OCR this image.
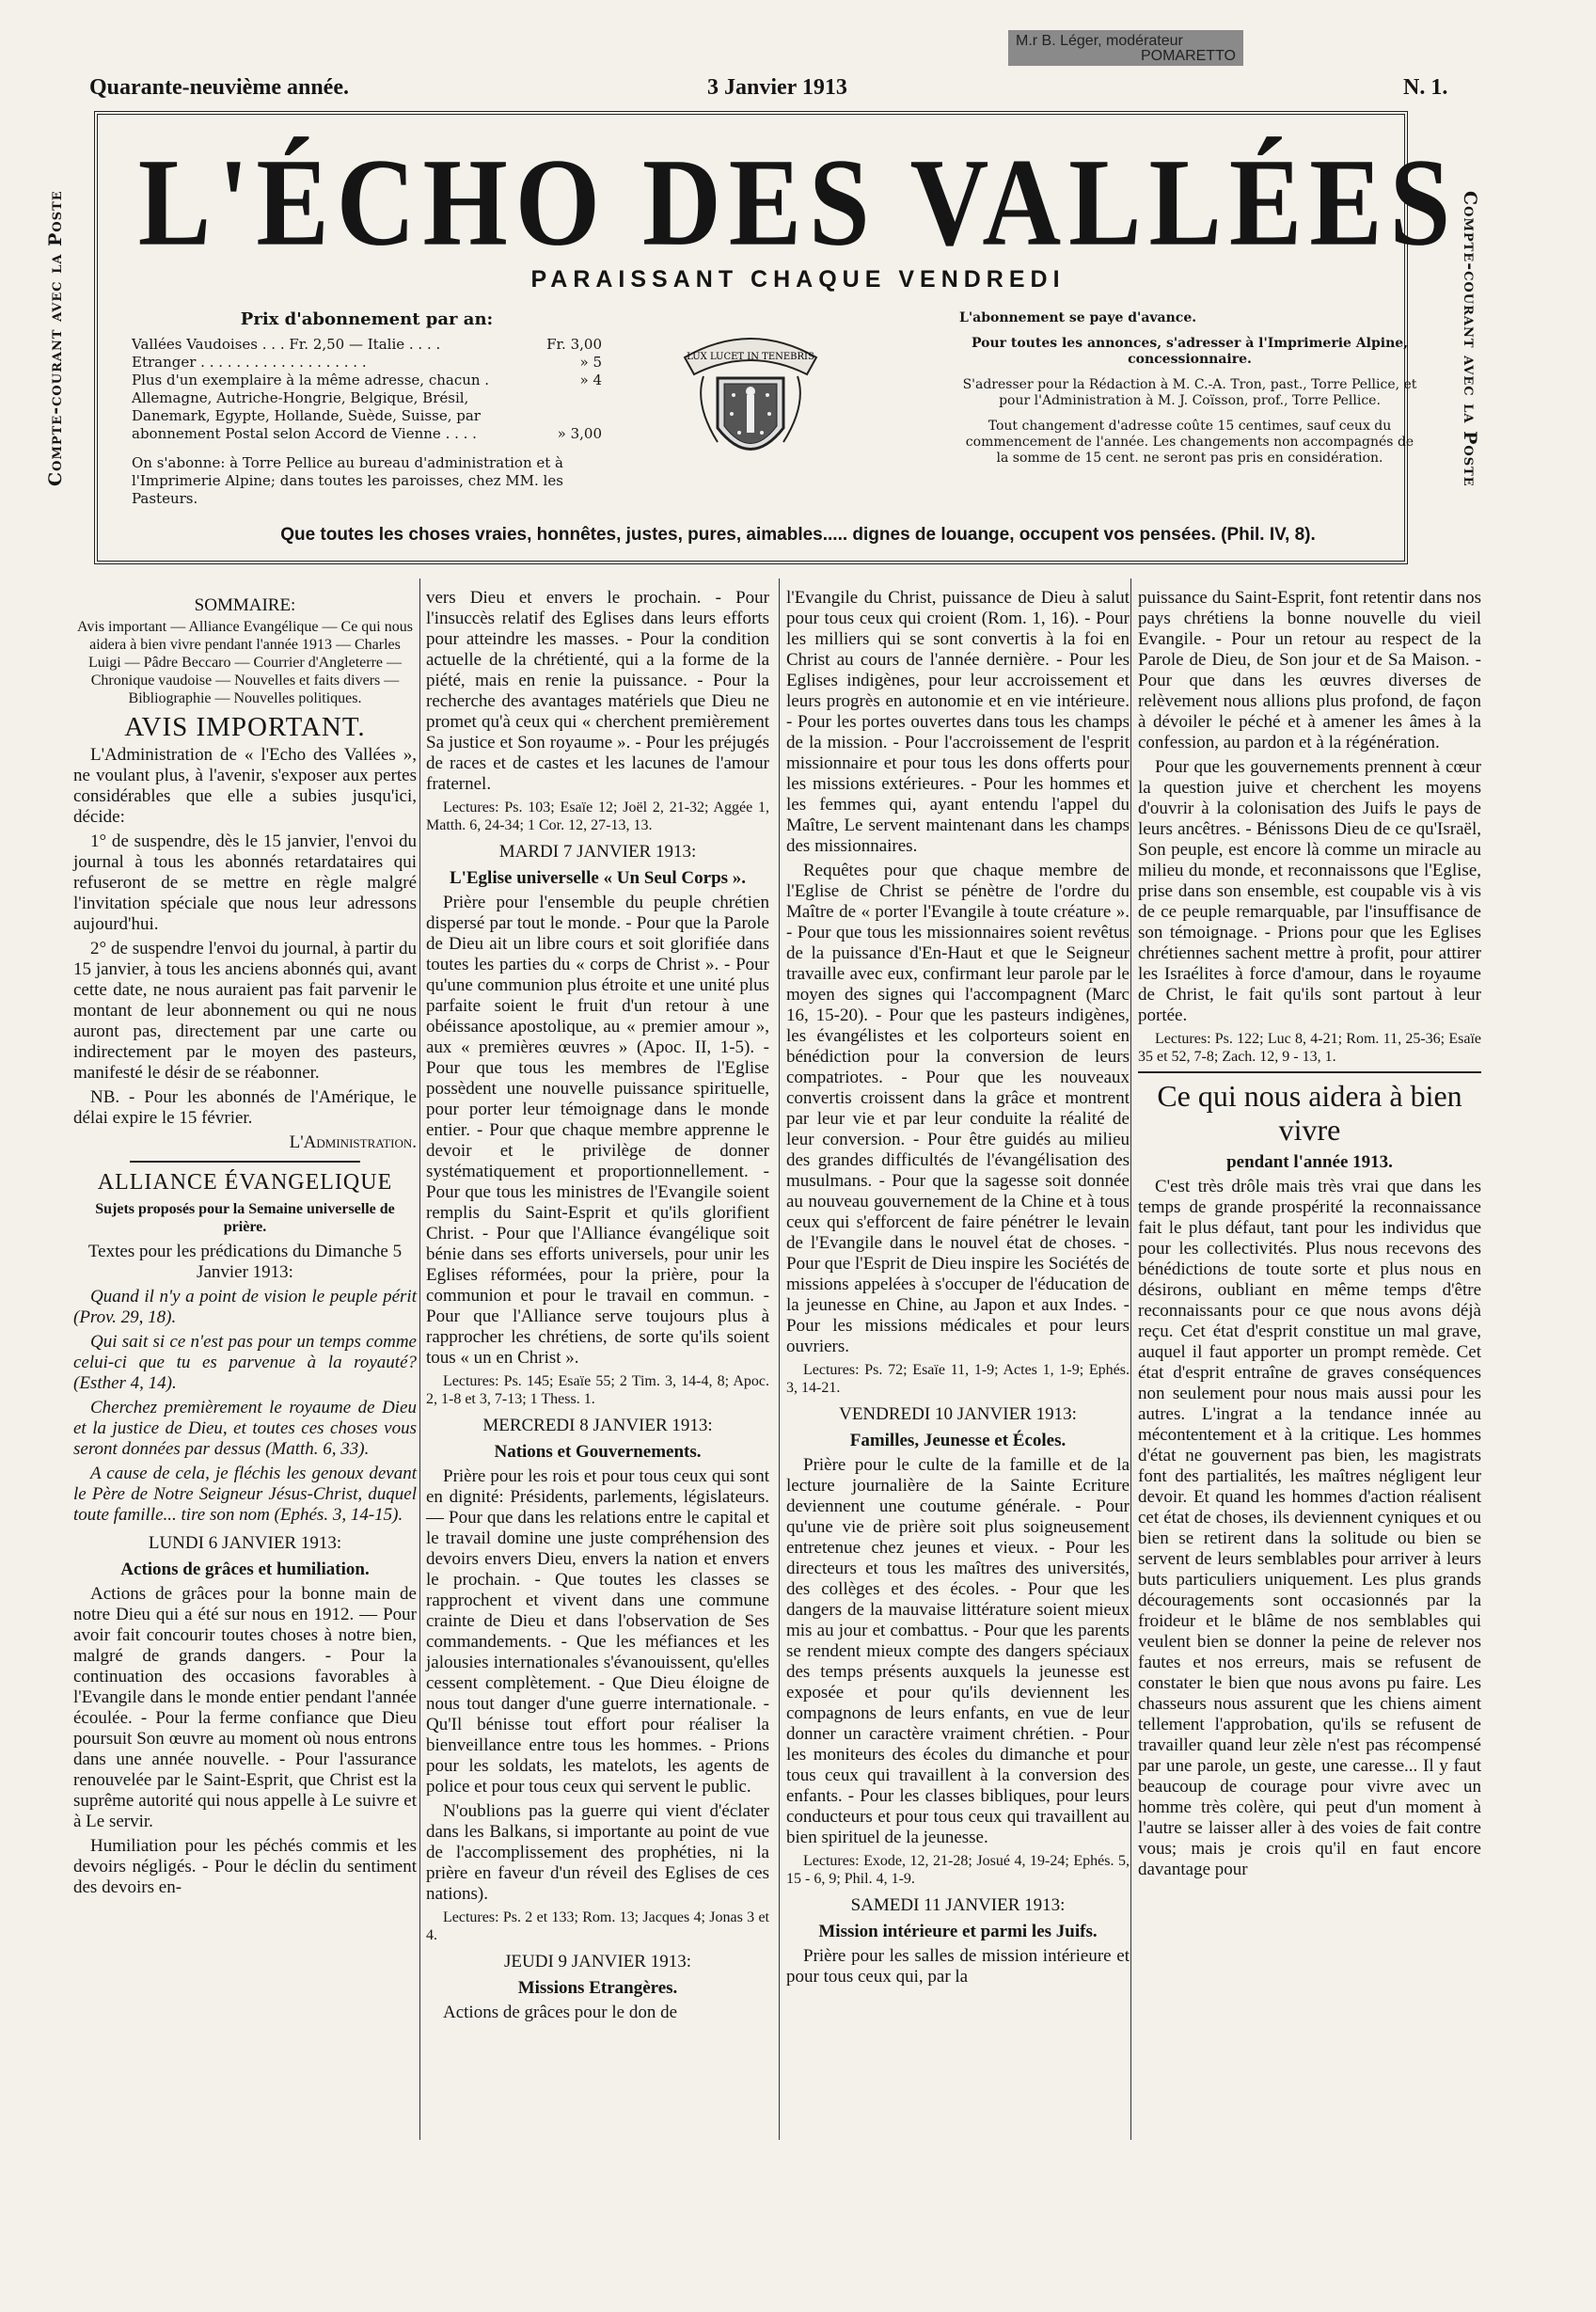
M.r B. Léger, modérateur
POMARETTO
Quarante-neuvième année.	3 Janvier 1913	N. 1.
Compte-courant avec la Poste	Compte-courant avec la Poste
L'ÉCHO DES VALLÉES
PARAISSANT CHAQUE VENDREDI
Prix d'abonnement par an:
Vallées Vaudoises . . . Fr. 2,50 — Italie . . . .	Fr. 3,00
Etranger . . . . . . . . . . . . . . . . . . .	» 5
Plus d'un exemplaire à la même adresse, chacun .	» 4
Allemagne, Autriche-Hongrie, Belgique, Brésil, Danemark, Egypte, Hollande, Suède, Suisse, par abonnement Postal selon Accord de Vienne . . . .	» 3,00
On s'abonne: à Torre Pellice au bureau d'administration et à l'Imprimerie Alpine; dans toutes les paroisses, chez MM. les Pasteurs.
LUX LUCET IN TENEBRIS

L'abonnement se paye d'avance.

Pour toutes les annonces, s'adresser à l'Imprimerie Alpine, concessionnaire.

S'adresser pour la Rédaction à M. C.-A. Tron, past., Torre Pellice, et pour l'Administration à M. J. Coïsson, prof., Torre Pellice.

Tout changement d'adresse coûte 15 centimes, sauf ceux du commencement de l'année. Les changements non accompagnés de la somme de 15 cent. ne seront pas pris en considération.

Que toutes les choses vraies, honnêtes, justes, pures, aimables..... dignes de louange, occupent vos pensées. (Phil. IV, 8).
SOMMAIRE:
Avis important — Alliance Evangélique — Ce qui nous aidera à bien vivre pendant l'année 1913 — Charles Luigi — Pâdre Beccaro — Courrier d'Angleterre — Chronique vaudoise — Nouvelles et faits divers — Bibliographie — Nouvelles politiques.
AVIS IMPORTANT.

L'Administration de « l'Echo des Vallées », ne voulant plus, à l'avenir, s'exposer aux pertes considérables que elle a subies jusqu'ici, décide:

1° de suspendre, dès le 15 janvier, l'envoi du journal à tous les abonnés retardataires qui refuseront de se mettre en règle malgré l'invitation spéciale que nous leur adressons aujourd'hui.

2° de suspendre l'envoi du journal, à partir du 15 janvier, à tous les anciens abonnés qui, avant cette date, ne nous auraient pas fait parvenir le montant de leur abonnement ou qui ne nous auront pas, directement par une carte ou indirectement par le moyen des pasteurs, manifesté le désir de se réabonner.

NB. - Pour les abonnés de l'Amérique, le délai expire le 15 février.

L'Administration.
ALLIANCE ÉVANGELIQUE
Sujets proposés pour la Semaine universelle de prière.
Textes pour les prédications du Dimanche 5 Janvier 1913:

Quand il n'y a point de vision le peuple périt (Prov. 29, 18).

Qui sait si ce n'est pas pour un temps comme celui-ci que tu es parvenue à la royauté? (Esther 4, 14).

Cherchez premièrement le royaume de Dieu et la justice de Dieu, et toutes ces choses vous seront données par dessus (Matth. 6, 33).

A cause de cela, je fléchis les genoux devant le Père de Notre Seigneur Jésus-Christ, duquel toute famille... tire son nom (Ephés. 3, 14-15).

LUNDI 6 JANVIER 1913:
Actions de grâces et humiliation.

Actions de grâces pour la bonne main de notre Dieu qui a été sur nous en 1912. — Pour avoir fait concourir toutes choses à notre bien, malgré de grands dangers. - Pour la continuation des occasions favorables à l'Evangile dans le monde entier pendant l'année écoulée. - Pour la ferme confiance que Dieu poursuit Son œuvre au moment où nous entrons dans une année nouvelle. - Pour l'assurance renouvelée par le Saint-Esprit, que Christ est la suprême autorité qui nous appelle à Le suivre et à Le servir.

Humiliation pour les péchés commis et les devoirs négligés. - Pour le déclin du sentiment des devoirs en-

vers Dieu et envers le prochain. - Pour l'insuccès relatif des Eglises dans leurs efforts pour atteindre les masses. - Pour la condition actuelle de la chrétienté, qui a la forme de la piété, mais en renie la puissance. - Pour la recherche des avantages matériels que Dieu ne promet qu'à ceux qui « cherchent premièrement Sa justice et Son royaume ». - Pour les préjugés de races et de castes et les lacunes de l'amour fraternel.

Lectures: Ps. 103; Esaïe 12; Joël 2, 21-32; Aggée 1, Matth. 6, 24-34; 1 Cor. 12, 27-13, 13.

MARDI 7 JANVIER 1913:
L'Eglise universelle « Un Seul Corps ».

Prière pour l'ensemble du peuple chrétien dispersé par tout le monde. - Pour que la Parole de Dieu ait un libre cours et soit glorifiée dans toutes les parties du « corps de Christ ». - Pour qu'une communion plus étroite et une unité plus parfaite soient le fruit d'un retour à une obéissance apostolique, au « premier amour », aux « premières œuvres » (Apoc. II, 1-5). - Pour que tous les membres de l'Eglise possèdent une nouvelle puissance spirituelle, pour porter leur témoignage dans le monde entier. - Pour que chaque membre apprenne le devoir et le privilège de donner systématiquement et proportionnellement. - Pour que tous les ministres de l'Evangile soient remplis du Saint-Esprit et qu'ils glorifient Christ. - Pour que l'Alliance évangélique soit bénie dans ses efforts universels, pour unir les Eglises réformées, pour la prière, pour la communion et pour le travail en commun. - Pour que l'Alliance serve toujours plus à rapprocher les chrétiens, de sorte qu'ils soient tous « un en Christ ».

Lectures: Ps. 145; Esaïe 55; 2 Tim. 3, 14-4, 8; Apoc. 2, 1-8 et 3, 7-13; 1 Thess. 1.

MERCREDI 8 JANVIER 1913:
Nations et Gouvernements.

Prière pour les rois et pour tous ceux qui sont en dignité: Présidents, parlements, législateurs. — Pour que dans les relations entre le capital et le travail domine une juste compréhension des devoirs envers Dieu, envers la nation et envers le prochain. - Que toutes les classes se rapprochent et vivent dans une commune crainte de Dieu et dans l'observation de Ses commandements. - Que les méfiances et les jalousies internationales s'évanouissent, qu'elles cessent complètement. - Que Dieu éloigne de nous tout danger d'une guerre internationale. - Qu'Il bénisse tout effort pour réaliser la bienveillance entre tous les hommes. - Prions pour les soldats, les matelots, les agents de police et pour tous ceux qui servent le public.

N'oublions pas la guerre qui vient d'éclater dans les Balkans, si importante au point de vue de l'accomplissement des prophéties, ni la prière en faveur d'un réveil des Eglises de ces nations).

Lectures: Ps. 2 et 133; Rom. 13; Jacques 4; Jonas 3 et 4.

JEUDI 9 JANVIER 1913:
Missions Etrangères.

Actions de grâces pour le don de

l'Evangile du Christ, puissance de Dieu à salut pour tous ceux qui croient (Rom. 1, 16). - Pour les milliers qui se sont convertis à la foi en Christ au cours de l'année dernière. - Pour les Eglises indigènes, pour leur accroissement et leurs progrès en autonomie et en vie intérieure. - Pour les portes ouvertes dans tous les champs de la mission. - Pour l'accroissement de l'esprit missionnaire et pour tous les dons offerts pour les missions extérieures. - Pour les hommes et les femmes qui, ayant entendu l'appel du Maître, Le servent maintenant dans les champs des missionnaires.

Requêtes pour que chaque membre de l'Eglise de Christ se pénètre de l'ordre du Maître de « porter l'Evangile à toute créature ». - Pour que tous les missionnaires soient revêtus de la puissance d'En-Haut et que le Seigneur travaille avec eux, confirmant leur parole par le moyen des signes qui l'accompagnent (Marc 16, 15-20). - Pour que les pasteurs indigènes, les évangélistes et les colporteurs soient en bénédiction pour la conversion de leurs compatriotes. - Pour que les nouveaux convertis croissent dans la grâce et montrent par leur vie et par leur conduite la réalité de leur conversion. - Pour être guidés au milieu des grandes difficultés de l'évangélisation des musulmans. - Pour que la sagesse soit donnée au nouveau gouvernement de la Chine et à tous ceux qui s'efforcent de faire pénétrer le levain de l'Evangile dans le nouvel état de choses. - Pour que l'Esprit de Dieu inspire les Sociétés de missions appelées à s'occuper de l'éducation de la jeunesse en Chine, au Japon et aux Indes. - Pour les missions médicales et pour leurs ouvriers.

Lectures: Ps. 72; Esaïe 11, 1-9; Actes 1, 1-9; Ephés. 3, 14-21.

VENDREDI 10 JANVIER 1913:
Familles, Jeunesse et Écoles.

Prière pour le culte de la famille et de la lecture journalière de la Sainte Ecriture deviennent une coutume générale. - Pour qu'une vie de prière soit plus soigneusement entretenue chez jeunes et vieux. - Pour les directeurs et tous les maîtres des universités, des collèges et des écoles. - Pour que les dangers de la mauvaise littérature soient mieux mis au jour et combattus. - Pour que les parents se rendent mieux compte des dangers spéciaux des temps présents auxquels la jeunesse est exposée et pour qu'ils deviennent les compagnons de leurs enfants, en vue de leur donner un caractère vraiment chrétien. - Pour les moniteurs des écoles du dimanche et pour tous ceux qui travaillent à la conversion des enfants. - Pour les classes bibliques, pour leurs conducteurs et pour tous ceux qui travaillent au bien spirituel de la jeunesse.

Lectures: Exode, 12, 21-28; Josué 4, 19-24; Ephés. 5, 15 - 6, 9; Phil. 4, 1-9.

SAMEDI 11 JANVIER 1913:
Mission intérieure et parmi les Juifs.

Prière pour les salles de mission intérieure et pour tous ceux qui, par la

puissance du Saint-Esprit, font retentir dans nos pays chrétiens la bonne nouvelle du vieil Evangile. - Pour un retour au respect de la Parole de Dieu, de Son jour et de Sa Maison. - Pour que dans les œuvres diverses de relèvement nous allions plus profond, de façon à dévoiler le péché et à amener les âmes à la confession, au pardon et à la régénération.

Pour que les gouvernements prennent à cœur la question juive et cherchent les moyens d'ouvrir à la colonisation des Juifs le pays de leurs ancêtres. - Bénissons Dieu de ce qu'Israël, Son peuple, est encore là comme un miracle au milieu du monde, et reconnaissons que l'Eglise, prise dans son ensemble, est coupable vis à vis de ce peuple remarquable, par l'insuffisance de son témoignage. - Prions pour que les Eglises chrétiennes sachent mettre à profit, pour attirer les Israélites à force d'amour, dans le royaume de Christ, le fait qu'ils sont partout à leur portée.

Lectures: Ps. 122; Luc 8, 4-21; Rom. 11, 25-36; Esaïe 35 et 52, 7-8; Zach. 12, 9 - 13, 1.

Ce qui nous aidera à bien vivre

pendant l'année 1913.

C'est très drôle mais très vrai que dans les temps de grande prospérité la reconnaissance fait le plus défaut, tant pour les individus que pour les collectivités. Plus nous recevons des bénédictions de toute sorte et plus nous en désirons, oubliant en même temps d'être reconnaissants pour ce que nous avons déjà reçu. Cet état d'esprit constitue un mal grave, auquel il faut apporter un prompt remède. Cet état d'esprit entraîne de graves conséquences non seulement pour nous mais aussi pour les autres. L'ingrat a la tendance innée au mécontentement et à la critique. Les hommes d'état ne gouvernent pas bien, les magistrats font des partialités, les maîtres négligent leur devoir. Et quand les hommes d'action réalisent cet état de choses, ils deviennent cyniques et ou bien se retirent dans la solitude ou bien se servent de leurs semblables pour arriver à leurs buts particuliers uniquement. Les plus grands découragements sont occasionnés par la froideur et le blâme de nos semblables qui veulent bien se donner la peine de relever nos fautes et nos erreurs, mais se refusent de constater le bien que nous avons pu faire. Les chasseurs nous assurent que les chiens aiment tellement l'approbation, qu'ils se refusent de travailler quand leur zèle n'est pas récompensé par une parole, un geste, une caresse... Il y faut beaucoup de courage pour vivre avec un homme très colère, qui peut d'un moment à l'autre se laisser aller à des voies de fait contre vous; mais je crois qu'il en faut encore davantage pour
